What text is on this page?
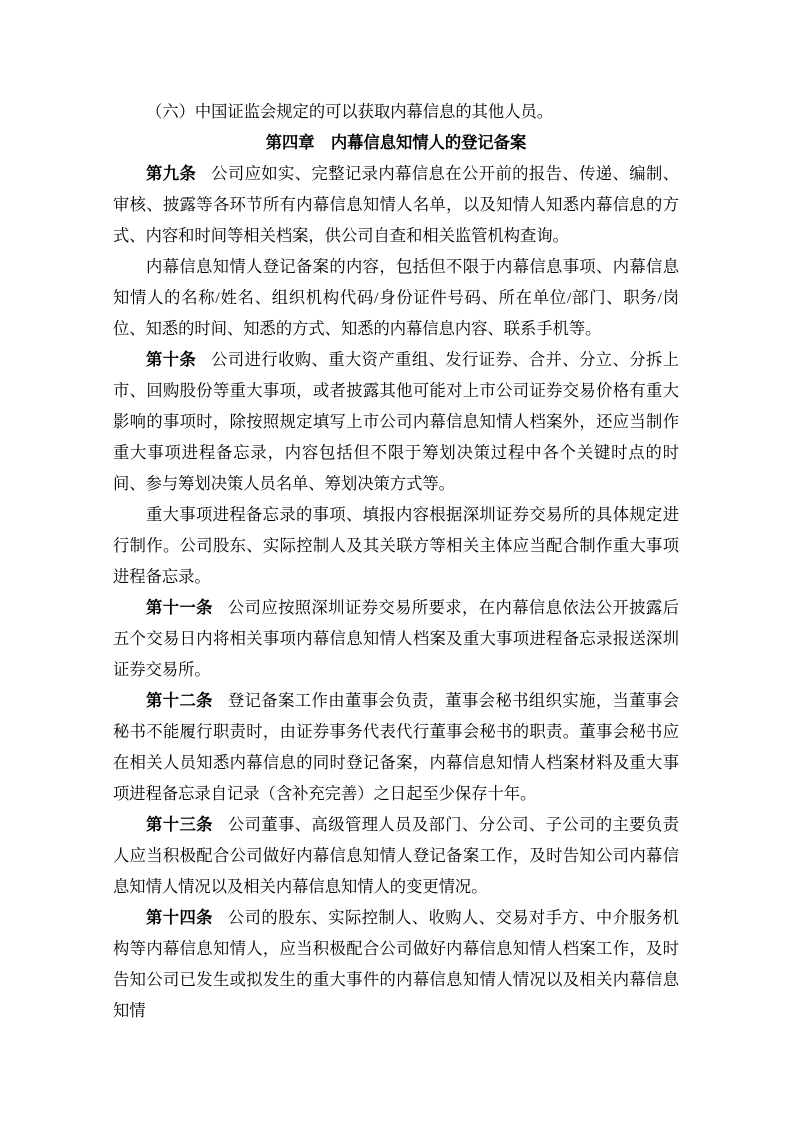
（六）中国证监会规定的可以获取内幕信息的其他人员。

第四章　内幕信息知情人的登记备案

第九条 公司应如实、完整记录内幕信息在公开前的报告、传递、编制、审核、披露等各环节所有内幕信息知情人名单，以及知情人知悉内幕信息的方式、内容和时间等相关档案，供公司自查和相关监管机构查询。

内幕信息知情人登记备案的内容，包括但不限于内幕信息事项、内幕信息知情人的名称/姓名、组织机构代码/身份证件号码、所在单位/部门、职务/岗位、知悉的时间、知悉的方式、知悉的内幕信息内容、联系手机等。

第十条 公司进行收购、重大资产重组、发行证券、合并、分立、分拆上市、回购股份等重大事项，或者披露其他可能对上市公司证券交易价格有重大影响的事项时，除按照规定填写上市公司内幕信息知情人档案外，还应当制作重大事项进程备忘录，内容包括但不限于筹划决策过程中各个关键时点的时间、参与筹划决策人员名单、筹划决策方式等。

重大事项进程备忘录的事项、填报内容根据深圳证券交易所的具体规定进行制作。公司股东、实际控制人及其关联方等相关主体应当配合制作重大事项进程备忘录。

第十一条 公司应按照深圳证券交易所要求，在内幕信息依法公开披露后五个交易日内将相关事项内幕信息知情人档案及重大事项进程备忘录报送深圳证券交易所。

第十二条 登记备案工作由董事会负责，董事会秘书组织实施，当董事会秘书不能履行职责时，由证券事务代表代行董事会秘书的职责。董事会秘书应在相关人员知悉内幕信息的同时登记备案，内幕信息知情人档案材料及重大事项进程备忘录自记录（含补充完善）之日起至少保存十年。

第十三条 公司董事、高级管理人员及部门、分公司、子公司的主要负责人应当积极配合公司做好内幕信息知情人登记备案工作，及时告知公司内幕信息知情人情况以及相关内幕信息知情人的变更情况。

第十四条 公司的股东、实际控制人、收购人、交易对手方、中介服务机构等内幕信息知情人，应当积极配合公司做好内幕信息知情人档案工作，及时告知公司已发生或拟发生的重大事件的内幕信息知情人情况以及相关内幕信息知情
